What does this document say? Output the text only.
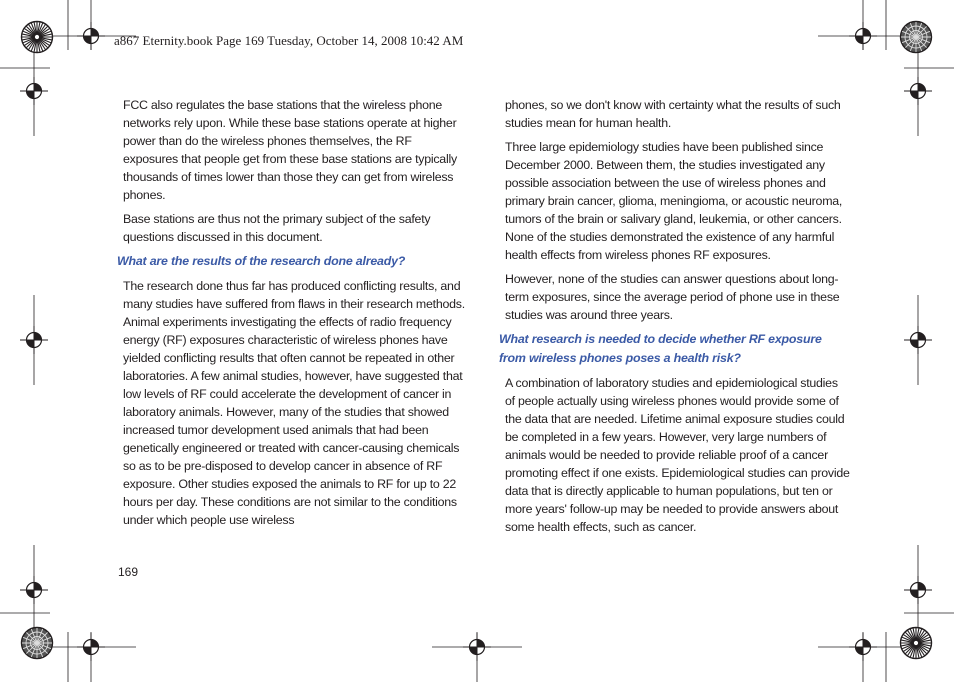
a867 Eternity.book Page 169 Tuesday, October 14, 2008 10:42 AM

FCC also regulates the base stations that the wireless phone networks rely upon. While these base stations operate at higher power than do the wireless phones themselves, the RF exposures that people get from these base stations are typically thousands of times lower than those they can get from wireless phones.

Base stations are thus not the primary subject of the safety questions discussed in this document.

What are the results of the research done already?

The research done thus far has produced conflicting results, and many studies have suffered from flaws in their research methods. Animal experiments investigating the effects of radio frequency energy (RF) exposures characteristic of wireless phones have yielded conflicting results that often cannot be repeated in other laboratories. A few animal studies, however, have suggested that low levels of RF could accelerate the development of cancer in laboratory animals. However, many of the studies that showed increased tumor development used animals that had been genetically engineered or treated with cancer-causing chemicals so as to be pre-disposed to develop cancer in absence of RF exposure. Other studies exposed the animals to RF for up to 22 hours per day. These conditions are not similar to the conditions under which people use wireless

phones, so we don't know with certainty what the results of such studies mean for human health.

Three large epidemiology studies have been published since December 2000. Between them, the studies investigated any possible association between the use of wireless phones and primary brain cancer, glioma, meningioma, or acoustic neuroma, tumors of the brain or salivary gland, leukemia, or other cancers. None of the studies demonstrated the existence of any harmful health effects from wireless phones RF exposures.

However, none of the studies can answer questions about long-term exposures, since the average period of phone use in these studies was around three years.

What research is needed to decide whether RF exposure from wireless phones poses a health risk?

A combination of laboratory studies and epidemiological studies of people actually using wireless phones would provide some of the data that are needed. Lifetime animal exposure studies could be completed in a few years. However, very large numbers of animals would be needed to provide reliable proof of a cancer promoting effect if one exists. Epidemiological studies can provide data that is directly applicable to human populations, but ten or more years' follow-up may be needed to provide answers about some health effects, such as cancer.

169
